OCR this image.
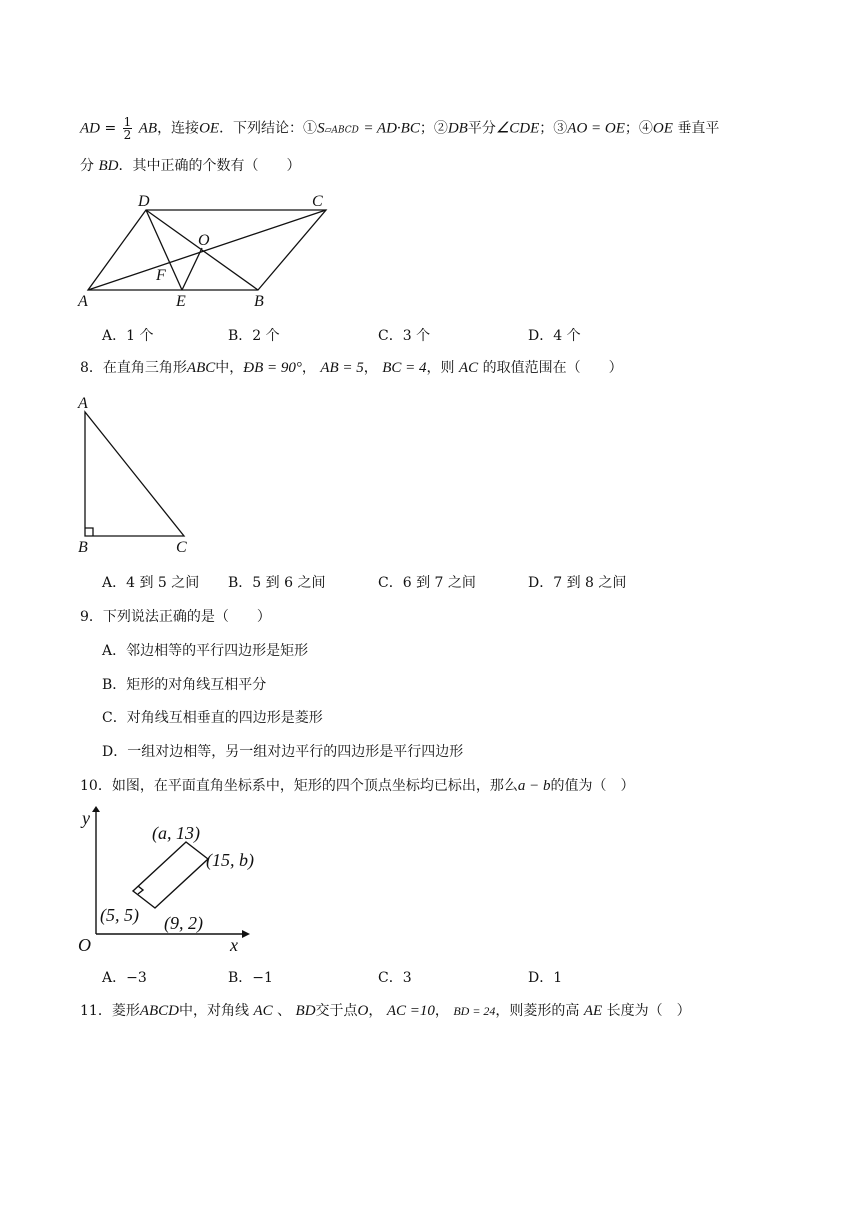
AD = $\frac{1}{2}$ AB，连接OE．下列结论：①S▱ABCD = AD·BC；②DB平分∠CDE；③AO = OE；④OE 垂直平
分 BD．其中正确的个数有（　　）
D	C
O
F
A	E	B
A．1 个	B．2 个	C．3 个	D．4 个
8．在直角三角形ABC中，ÐB = 90°， AB = 5， BC = 4，则 AC 的取值范围在（　　）
A
B	C
A．4 到 5 之间 B．5 到 6 之间	C．6 到 7 之间	D．7 到 8 之间
9．下列说法正确的是（　　）
A．邻边相等的平行四边形是矩形
B．矩形的对角线互相平分
C．对角线互相垂直的四边形是菱形
D．一组对边相等，另一组对边平行的四边形是平行四边形
10．如图，在平面直角坐标系中，矩形的四个顶点坐标均已标出，那么a − b的值为（　）
y
(a, 13)
(15, b)
(5, 5) (9, 2)
O	x
A．−3	B．−1	C．3	D．1
11．菱形ABCD中，对角线 AC 、 BD交于点O， AC =10， BD = 24，则菱形的高 AE 长度为（　）
